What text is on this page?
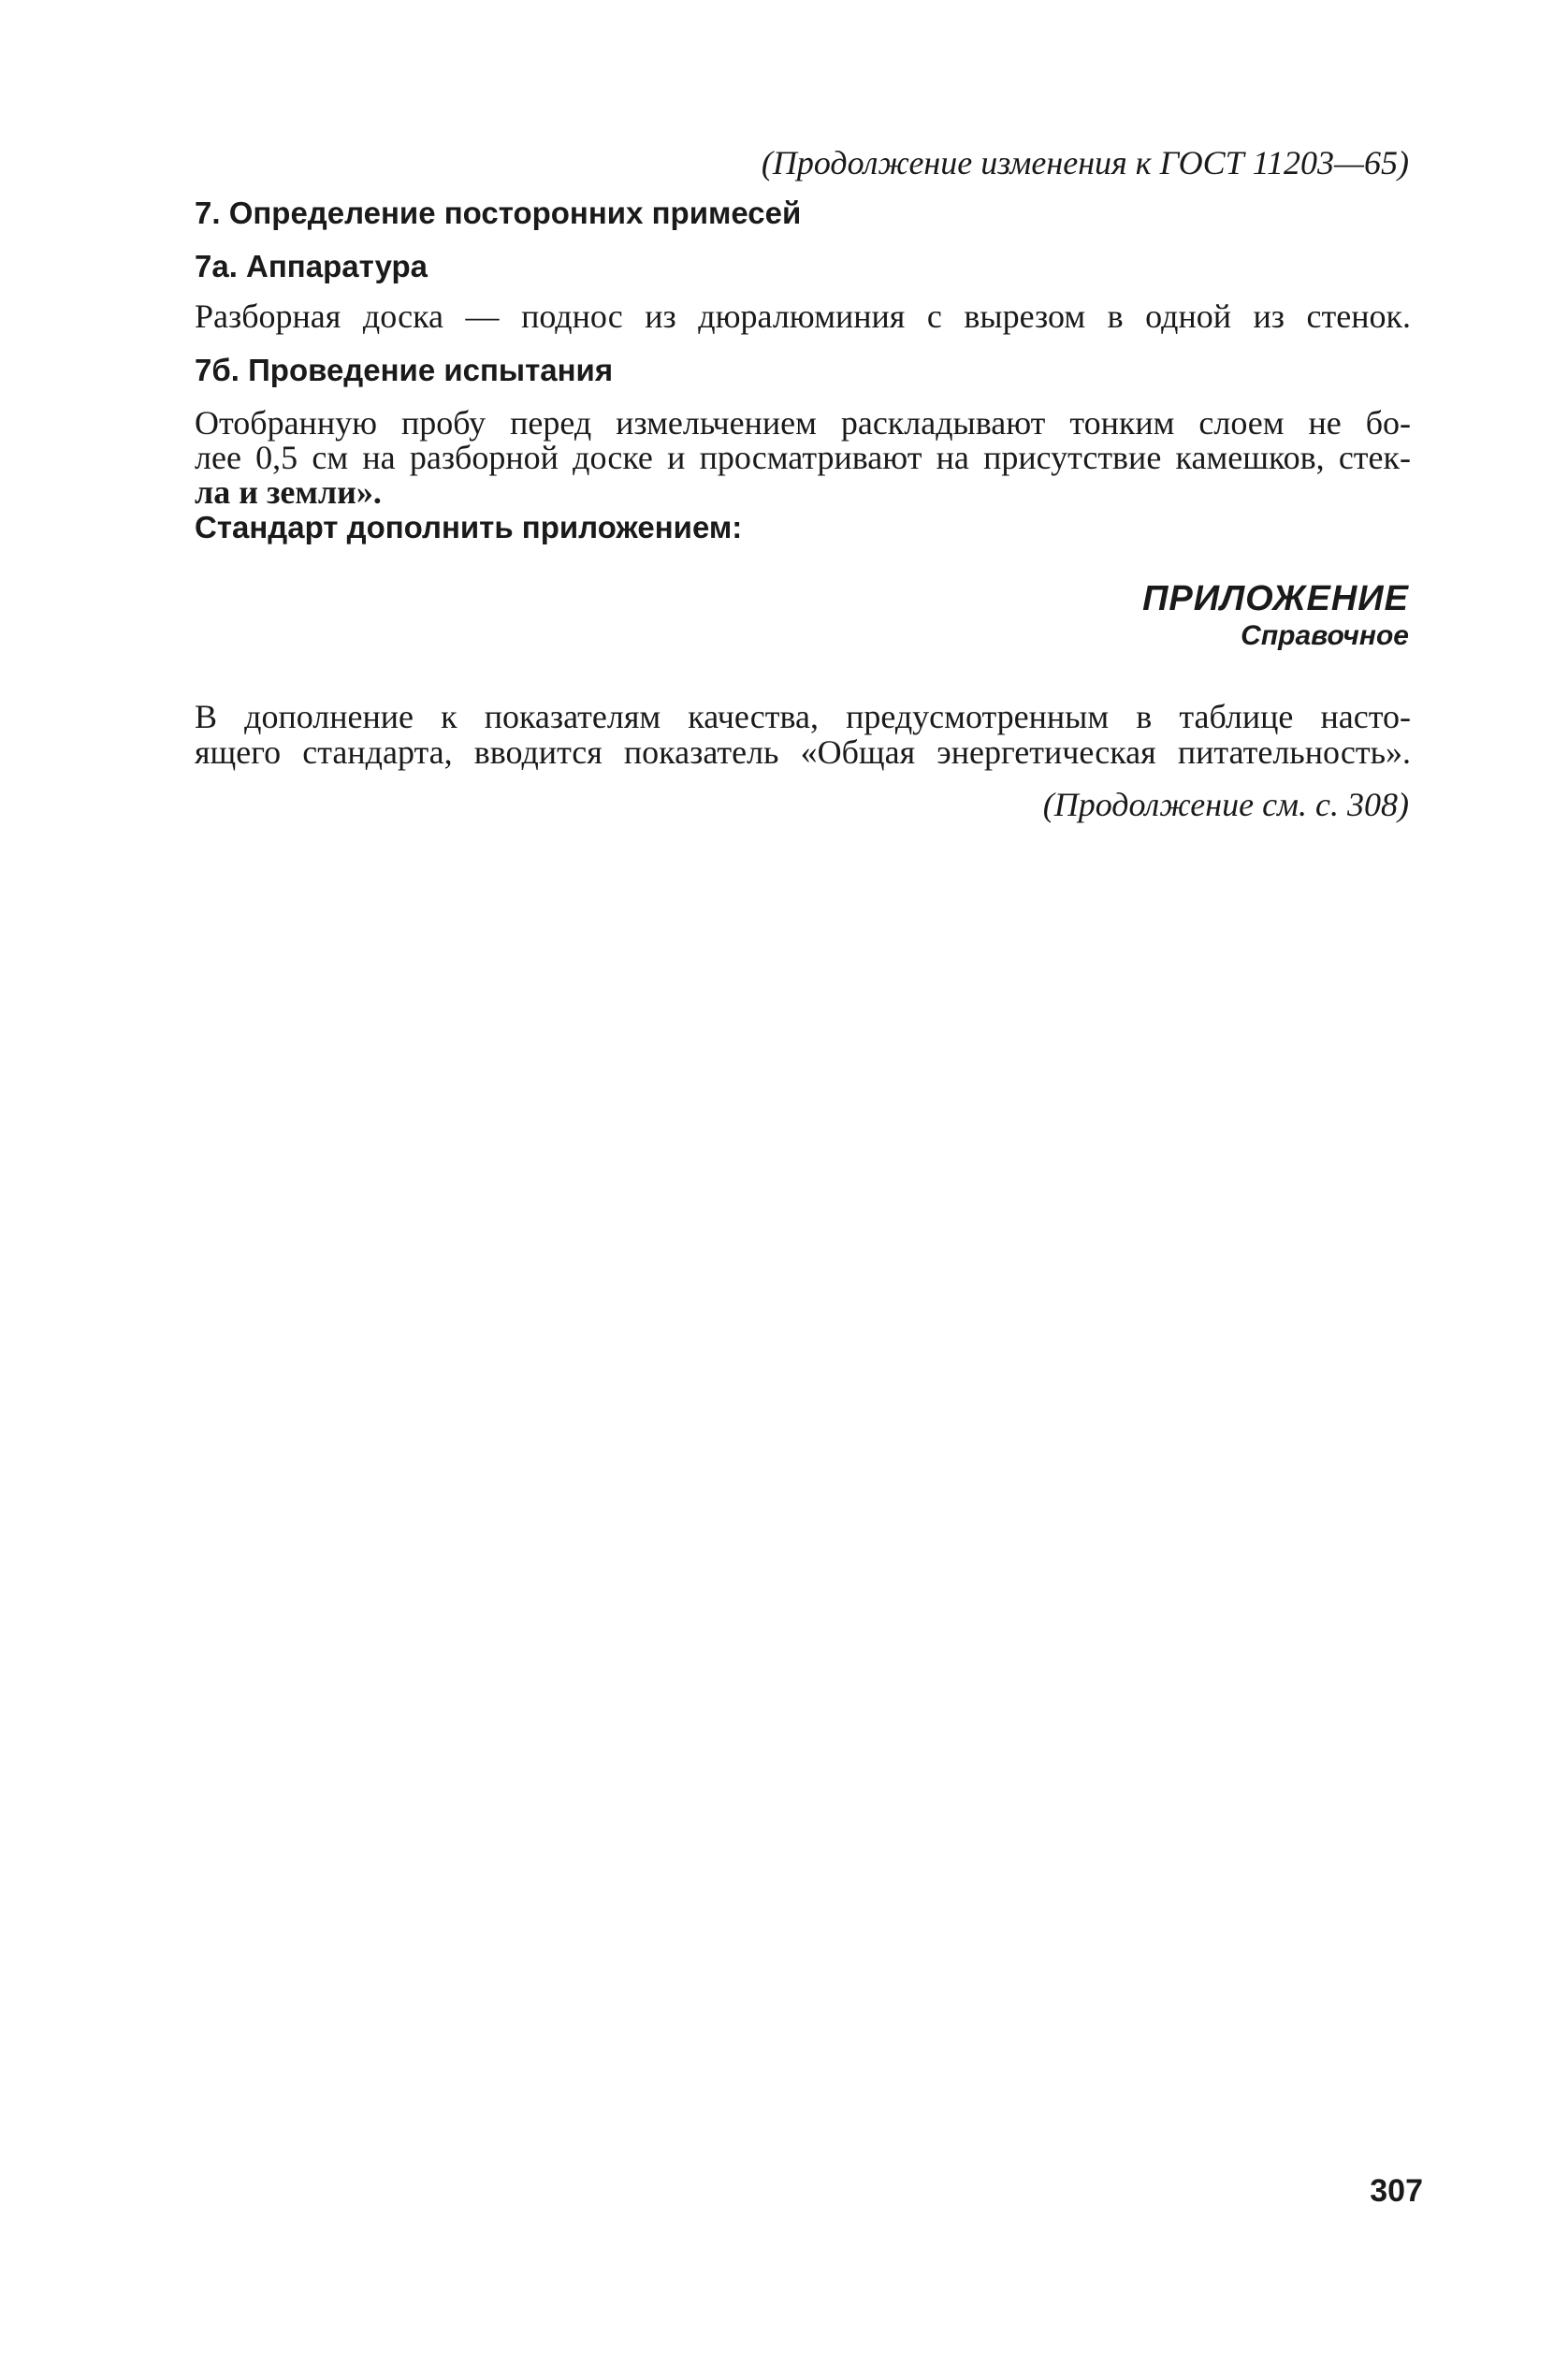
(Продолжение изменения к ГОСТ 11203—65)

7. Определение посторонних примесей

7а. Аппаратура

Разборная доска — поднос из дюралюминия с вырезом в одной из стенок.

7б. Проведение испытания

Отобранную пробу перед измельчением раскладывают тонким слоем не бо-

лее 0,5 см на разборной доске и просматривают на присутствие камешков, стек-

ла и земли».

Стандарт дополнить приложением:

ПРИЛОЖЕНИЕ

Справочное

В дополнение к показателям качества, предусмотренным в таблице насто-

ящего стандарта, вводится показатель «Общая энергетическая питательность».

(Продолжение см. с. 308)

307
